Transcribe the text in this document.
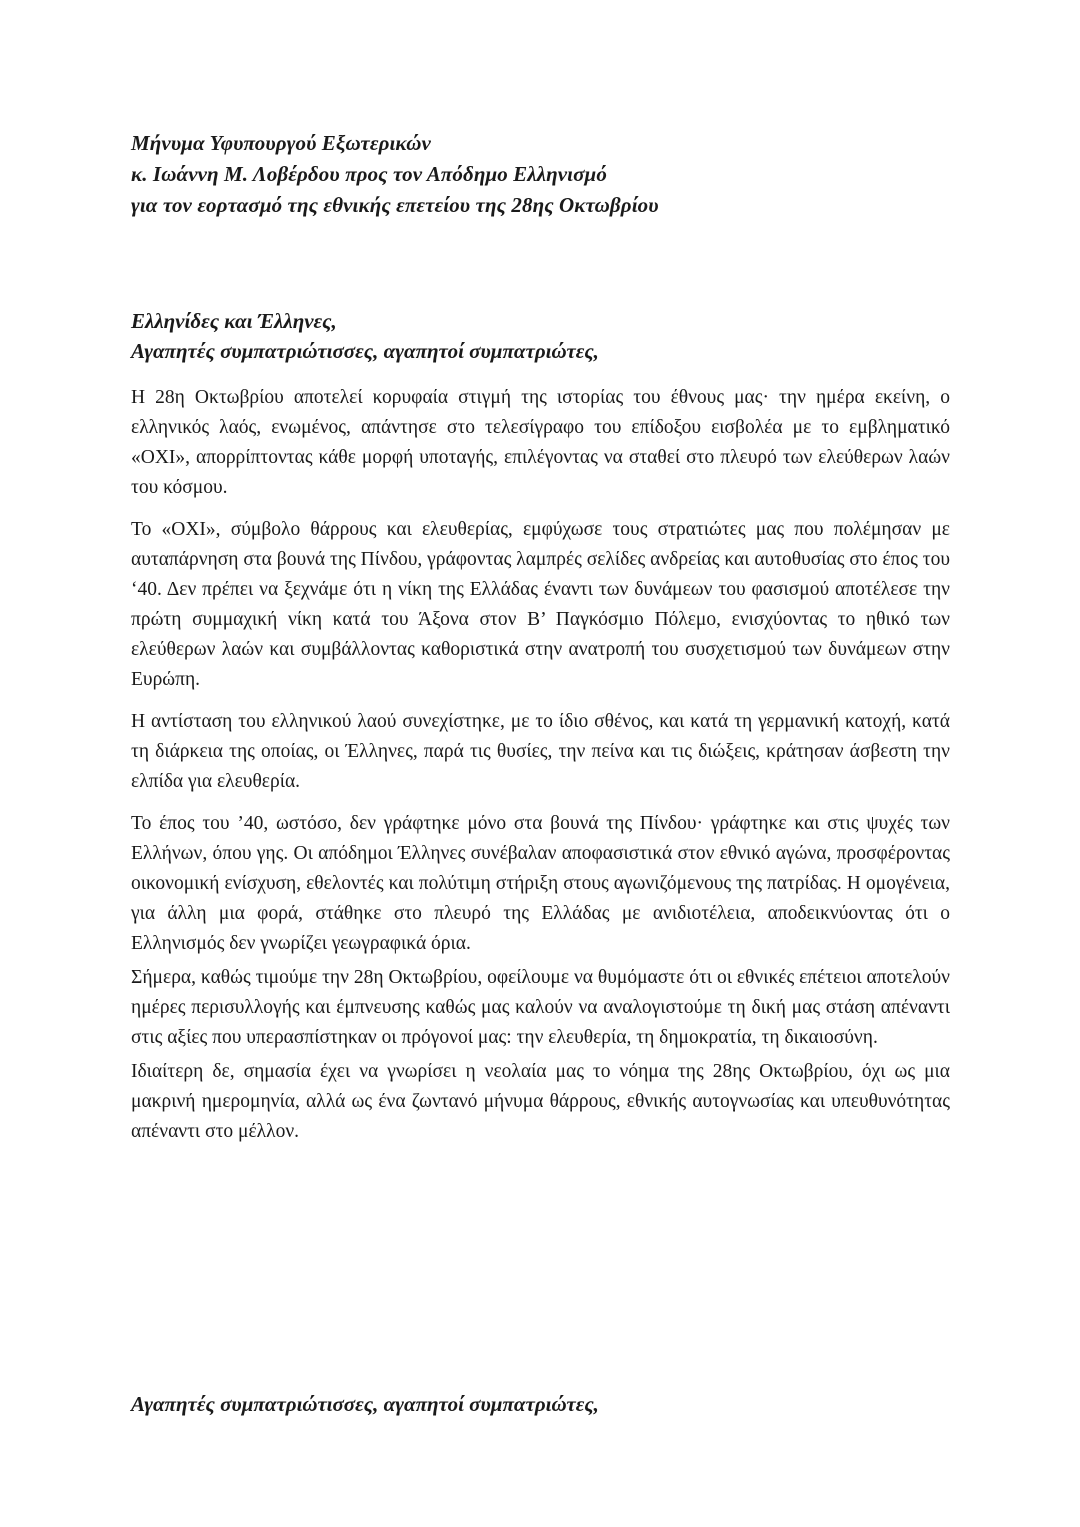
Μήνυμα Υφυπουργού Εξωτερικών
κ. Ιωάννη Μ. Λοβέρδου προς τον Απόδημο Ελληνισμό
για τον εορτασμό της εθνικής επετείου της 28ης Οκτωβρίου
Ελληνίδες και Έλληνες,
Αγαπητές συμπατριώτισσες, αγαπητοί συμπατριώτες,

Η 28η Οκτωβρίου αποτελεί κορυφαία στιγμή της ιστορίας του έθνους μας· την ημέρα εκείνη, ο ελληνικός λαός, ενωμένος, απάντησε στο τελεσίγραφο του επίδοξου εισβολέα με το εμβληματικό «ΟΧΙ», απορρίπτοντας κάθε μορφή υποταγής, επιλέγοντας να σταθεί στο πλευρό των ελεύθερων λαών του κόσμου.

Το «ΟΧΙ», σύμβολο θάρρους και ελευθερίας, εμφύχωσε τους στρατιώτες μας που πολέμησαν με αυταπάρνηση στα βουνά της Πίνδου, γράφοντας λαμπρές σελίδες ανδρείας και αυτοθυσίας στο έπος του ‘40. Δεν πρέπει να ξεχνάμε ότι η νίκη της Ελλάδας έναντι των δυνάμεων του φασισμού αποτέλεσε την πρώτη συμμαχική νίκη κατά του Άξονα στον Β’ Παγκόσμιο Πόλεμο, ενισχύοντας το ηθικό των ελεύθερων λαών και συμβάλλοντας καθοριστικά στην ανατροπή του συσχετισμού των δυνάμεων στην Ευρώπη.

Η αντίσταση του ελληνικού λαού συνεχίστηκε, με το ίδιο σθένος, και κατά τη γερμανική κατοχή, κατά τη διάρκεια της οποίας, οι Έλληνες, παρά τις θυσίες, την πείνα και τις διώξεις, κράτησαν άσβεστη την ελπίδα για ελευθερία.

Το έπος του ’40, ωστόσο, δεν γράφτηκε μόνο στα βουνά της Πίνδου· γράφτηκε και στις ψυχές των Ελλήνων, όπου γης. Οι απόδημοι Έλληνες συνέβαλαν αποφασιστικά στον εθνικό αγώνα, προσφέροντας οικονομική ενίσχυση, εθελοντές και πολύτιμη στήριξη στους αγωνιζόμενους της πατρίδας. Η ομογένεια, για άλλη μια φορά, στάθηκε στο πλευρό της Ελλάδας με ανιδιοτέλεια, αποδεικνύοντας ότι ο Ελληνισμός δεν γνωρίζει γεωγραφικά όρια.

Σήμερα, καθώς τιμούμε την 28η Οκτωβρίου, οφείλουμε να θυμόμαστε ότι οι εθνικές επέτειοι αποτελούν ημέρες περισυλλογής και έμπνευσης καθώς μας καλούν να αναλογιστούμε τη δική μας στάση απέναντι στις αξίες που υπερασπίστηκαν οι πρόγονοί μας: την ελευθερία, τη δημοκρατία, τη δικαιοσύνη.

Ιδιαίτερη δε, σημασία έχει να γνωρίσει η νεολαία μας το νόημα της 28ης Οκτωβρίου, όχι ως μια μακρινή ημερομηνία, αλλά ως ένα ζωντανό μήνυμα θάρρους, εθνικής αυτογνωσίας και υπευθυνότητας απέναντι στο μέλλον.

Αγαπητές συμπατριώτισσες, αγαπητοί συμπατριώτες,
